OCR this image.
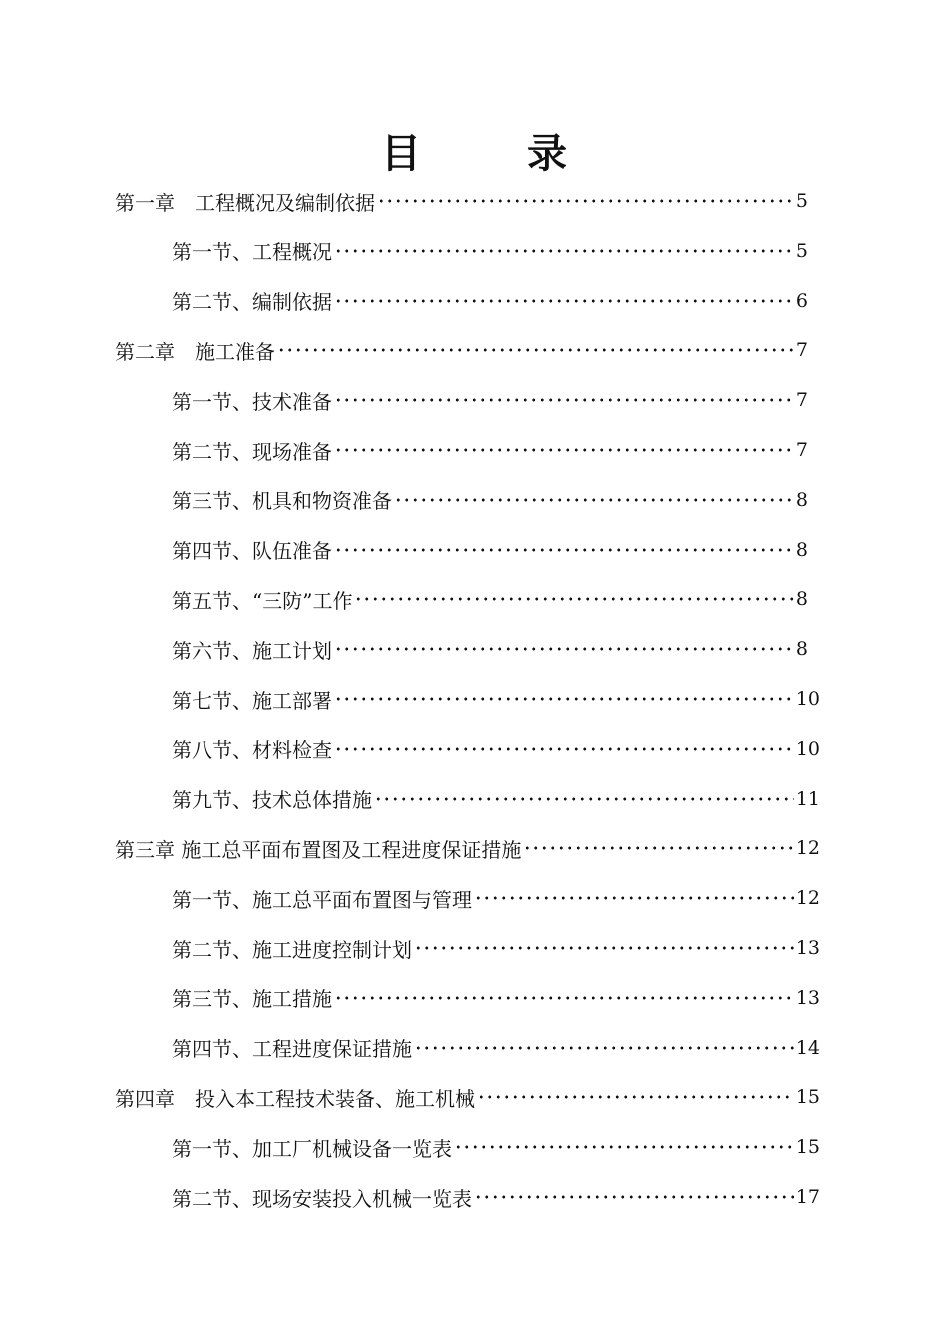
目	录
第一章　工程概况及编制依据	5
第一节、工程概况	5
第二节、编制依据	6
第二章　施工准备	7
第一节、技术准备	7
第二节、现场准备	7
第三节、机具和物资准备	8
第四节、队伍准备	8
第五节、“三防”工作	8
第六节、施工计划	8
第七节、施工部署	10
第八节、材料检查	10
第九节、技术总体措施	11
第三章 施工总平面布置图及工程进度保证措施	12
第一节、施工总平面布置图与管理	12
第二节、施工进度控制计划	13
第三节、施工措施	13
第四节、工程进度保证措施	14
第四章　投入本工程技术装备、施工机械	15
第一节、加工厂机械设备一览表	15
第二节、现场安装投入机械一览表	17
